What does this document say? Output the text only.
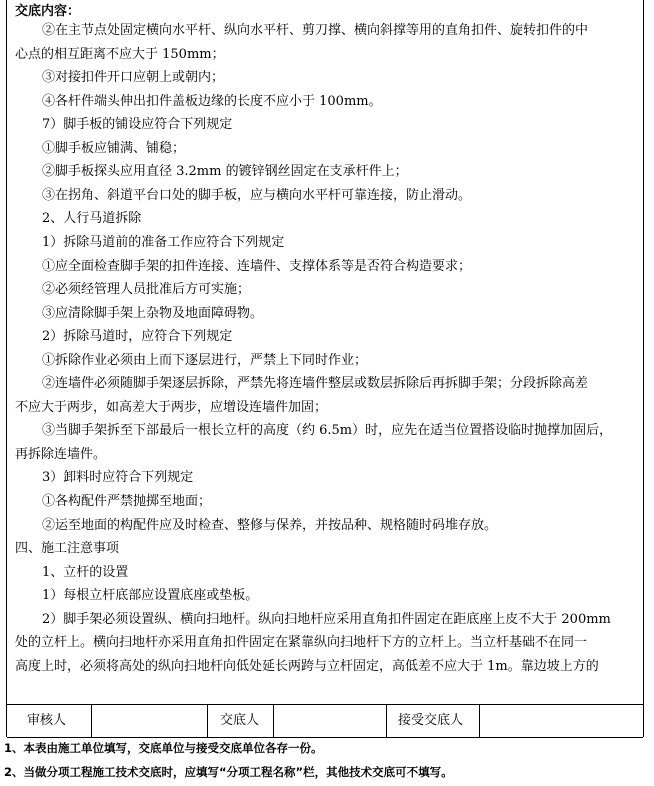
交底内容：
②在主节点处固定横向水平杆、纵向水平杆、剪刀撑、横向斜撑等用的直角扣件、旋转扣件的中
心点的相互距离不应大于 150mm；
③对接扣件开口应朝上或朝内；
④各杆件端头伸出扣件盖板边缘的长度不应小于 100mm。
7）脚手板的铺设应符合下列规定
①脚手板应铺满、铺稳；
②脚手板探头应用直径 3.2mm 的镀锌钢丝固定在支承杆件上；
③在拐角、斜道平台口处的脚手板，应与横向水平杆可靠连接，防止滑动。
2、人行马道拆除
1）拆除马道前的准备工作应符合下列规定
①应全面检查脚手架的扣件连接、连墙件、支撑体系等是否符合构造要求；
②必须经管理人员批准后方可实施；
③应清除脚手架上杂物及地面障碍物。
2）拆除马道时，应符合下列规定
①拆除作业必须由上而下逐层进行，严禁上下同时作业；
②连墙件必须随脚手架逐层拆除，严禁先将连墙件整层或数层拆除后再拆脚手架；分段拆除高差
不应大于两步，如高差大于两步，应增设连墙件加固；
③当脚手架拆至下部最后一根长立杆的高度（约 6.5m）时，应先在适当位置搭设临时抛撑加固后，
再拆除连墙件。
3）卸料时应符合下列规定
①各构配件严禁抛掷至地面；
②运至地面的构配件应及时检查、整修与保养，并按品种、规格随时码堆存放。
四、施工注意事项
1、立杆的设置
1）每根立杆底部应设置底座或垫板。
2）脚手架必须设置纵、横向扫地杆。纵向扫地杆应采用直角扣件固定在距底座上皮不大于 200mm
处的立杆上。横向扫地杆亦采用直角扣件固定在紧靠纵向扫地杆下方的立杆上。当立杆基础不在同一
高度上时，必须将高处的纵向扫地杆向低处延长两跨与立杆固定，高低差不应大于 1m。靠边坡上方的
审核人	交底人	接受交底人
1、本表由施工单位填写，交底单位与接受交底单位各存一份。
2、当做分项工程施工技术交底时，应填写“分项工程名称”栏，其他技术交底可不填写。
